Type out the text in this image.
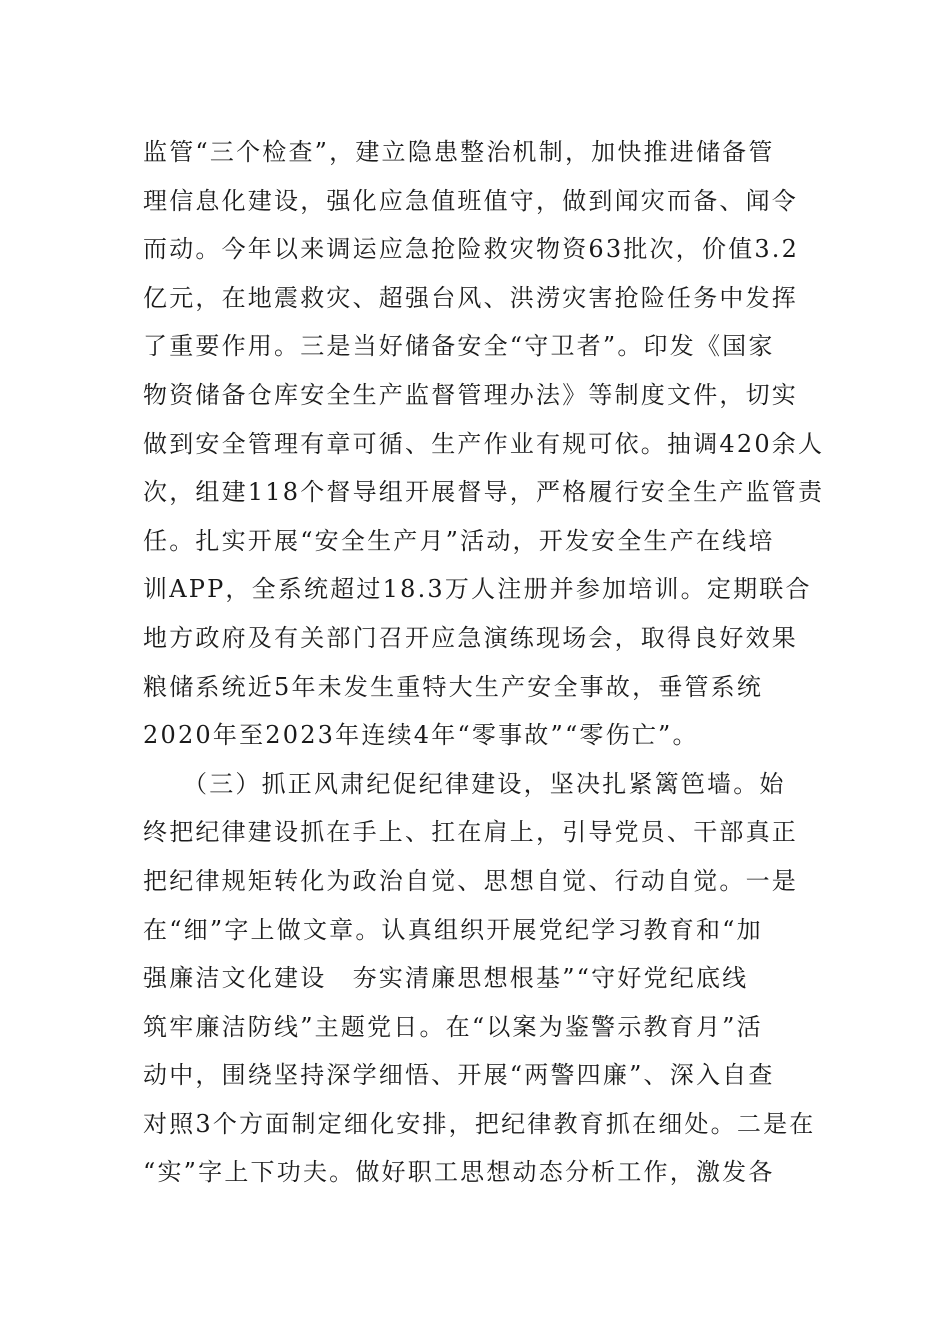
监管“三个检查”，建立隐患整治机制，加快推进储备管
理信息化建设，强化应急值班值守，做到闻灾而备、闻令
而动。今年以来调运应急抢险救灾物资63批次，价值3.2
亿元，在地震救灾、超强台风、洪涝灾害抢险任务中发挥
了重要作用。三是当好储备安全“守卫者”。印发《国家
物资储备仓库安全生产监督管理办法》等制度文件，切实
做到安全管理有章可循、生产作业有规可依。抽调420余人
次，组建118个督导组开展督导，严格履行安全生产监管责
任。扎实开展“安全生产月”活动，开发安全生产在线培
训APP，全系统超过18.3万人注册并参加培训。定期联合
地方政府及有关部门召开应急演练现场会，取得良好效果
粮储系统近5年未发生重特大生产安全事故，垂管系统
2020年至2023年连续4年“零事故”“零伤亡”。
（三）抓正风肃纪促纪律建设，坚决扎紧篱笆墙。始
终把纪律建设抓在手上、扛在肩上，引导党员、干部真正
把纪律规矩转化为政治自觉、思想自觉、行动自觉。一是
在“细”字上做文章。认真组织开展党纪学习教育和“加
强廉洁文化建设　夯实清廉思想根基”“守好党纪底线
筑牢廉洁防线”主题党日。在“以案为鉴警示教育月”活
动中，围绕坚持深学细悟、开展“两警四廉”、深入自查
对照3个方面制定细化安排，把纪律教育抓在细处。二是在
“实”字上下功夫。做好职工思想动态分析工作，激发各
